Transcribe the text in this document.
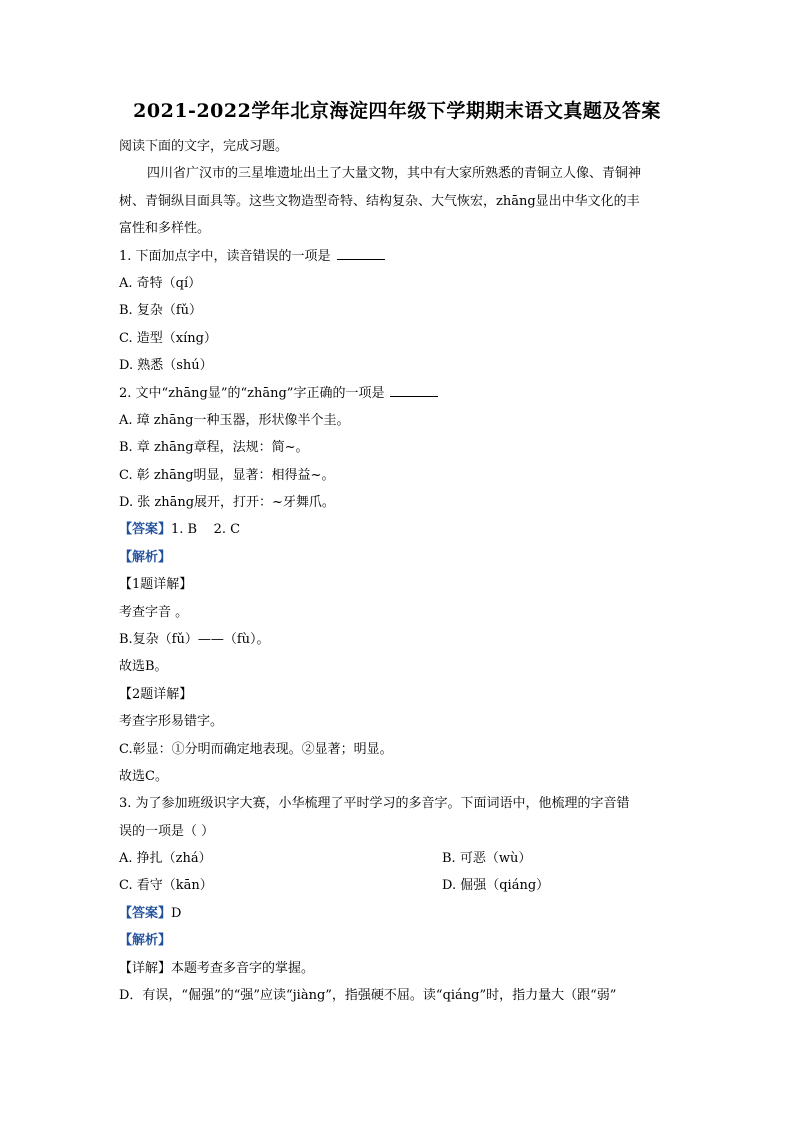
2021-2022学年北京海淀四年级下学期期末语文真题及答案
阅读下面的文字，完成习题。
四川省广汉市的三星堆遗址出土了大量文物，其中有大家所熟悉的青铜立人像、青铜神
树、青铜纵目面具等。这些文物造型奇特、结构复杂、大气恢宏，zhāng显出中华文化的丰
富性和多样性。
1. 下面加点字中，读音错误的一项是
A. 奇特（qí）
B. 复杂（fǔ）
C. 造型（xíng）
D. 熟悉（shú）
2. 文中“zhāng显”的“zhāng”字正确的一项是
A. 璋 zhāng一种玉器，形状像半个圭。
B. 章 zhāng章程，法规：简~。
C. 彰 zhāng明显，显著：相得益~。
D. 张 zhāng展开，打开：~牙舞爪。
【答案】1. B    2. C
【解析】
【1题详解】
考查字音 。
B.复杂（fǔ）——（fù）。
故选B。
【2题详解】
考查字形易错字。
C.彰显：①分明而确定地表现。②显著；明显。
故选C。
3. 为了参加班级识字大赛，小华梳理了平时学习的多音字。下面词语中，他梳理的字音错
误的一项是（ ）
A. 挣扎（zhá）	B. 可恶（wù）
C. 看守（kān）	D. 倔强（qiáng）
【答案】D
【解析】
【详解】本题考查多音字的掌握。
D．有误，“倔强”的“强”应读“jiàng”，指强硬不屈。读“qiáng”时，指力量大（跟“弱”
